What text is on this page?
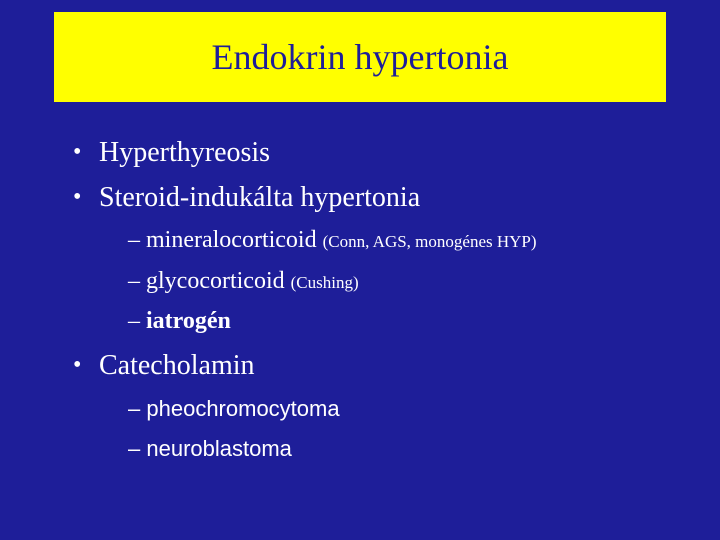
Endokrin hypertonia
• Hyperthyreosis
• Steroid-indukálta hypertonia
– mineralocorticoid (Conn, AGS, monogénes HYP)
– glycocorticoid (Cushing)
– iatrogén
• Catecholamin
– pheochromocytoma
– neuroblastoma
